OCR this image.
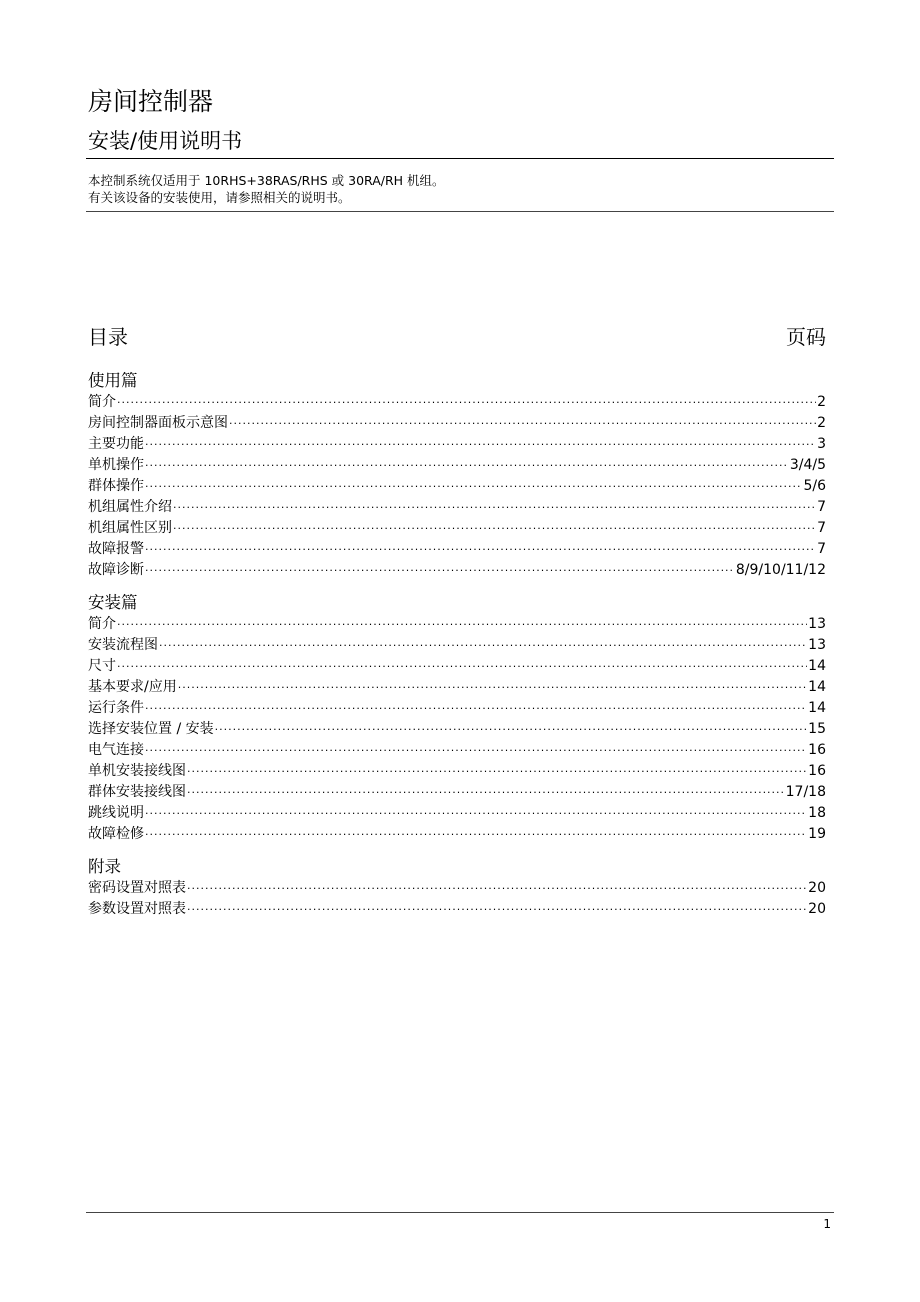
房间控制器
安装/使用说明书
本控制系统仅适用于 10RHS+38RAS/RHS 或 30RA/RH 机组。
有关该设备的安装使用，请参照相关的说明书。
目录	页码
使用篇
简介 ·····	2
房间控制器面板示意图 ·····	2
主要功能 ·····	3
单机操作 ·····	3/4/5
群体操作 ·····	5/6
机组属性介绍 ·····	7
机组属性区别 ·····	7
故障报警 ·····	7
故障诊断 ·····	8/9/10/11/12
安装篇
简介 ·····	13
安装流程图 ·····	13
尺寸 ·····	14
基本要求/应用 ·····	14
运行条件 ·····	14
选择安装位置 / 安装 ·····	15
电气连接 ·····	16
单机安装接线图 ·····	16
群体安装接线图 ·····	17/18
跳线说明 ·····	18
故障检修 ·····	19
附录
密码设置对照表 ·····	20
参数设置对照表 ·····	20
1
